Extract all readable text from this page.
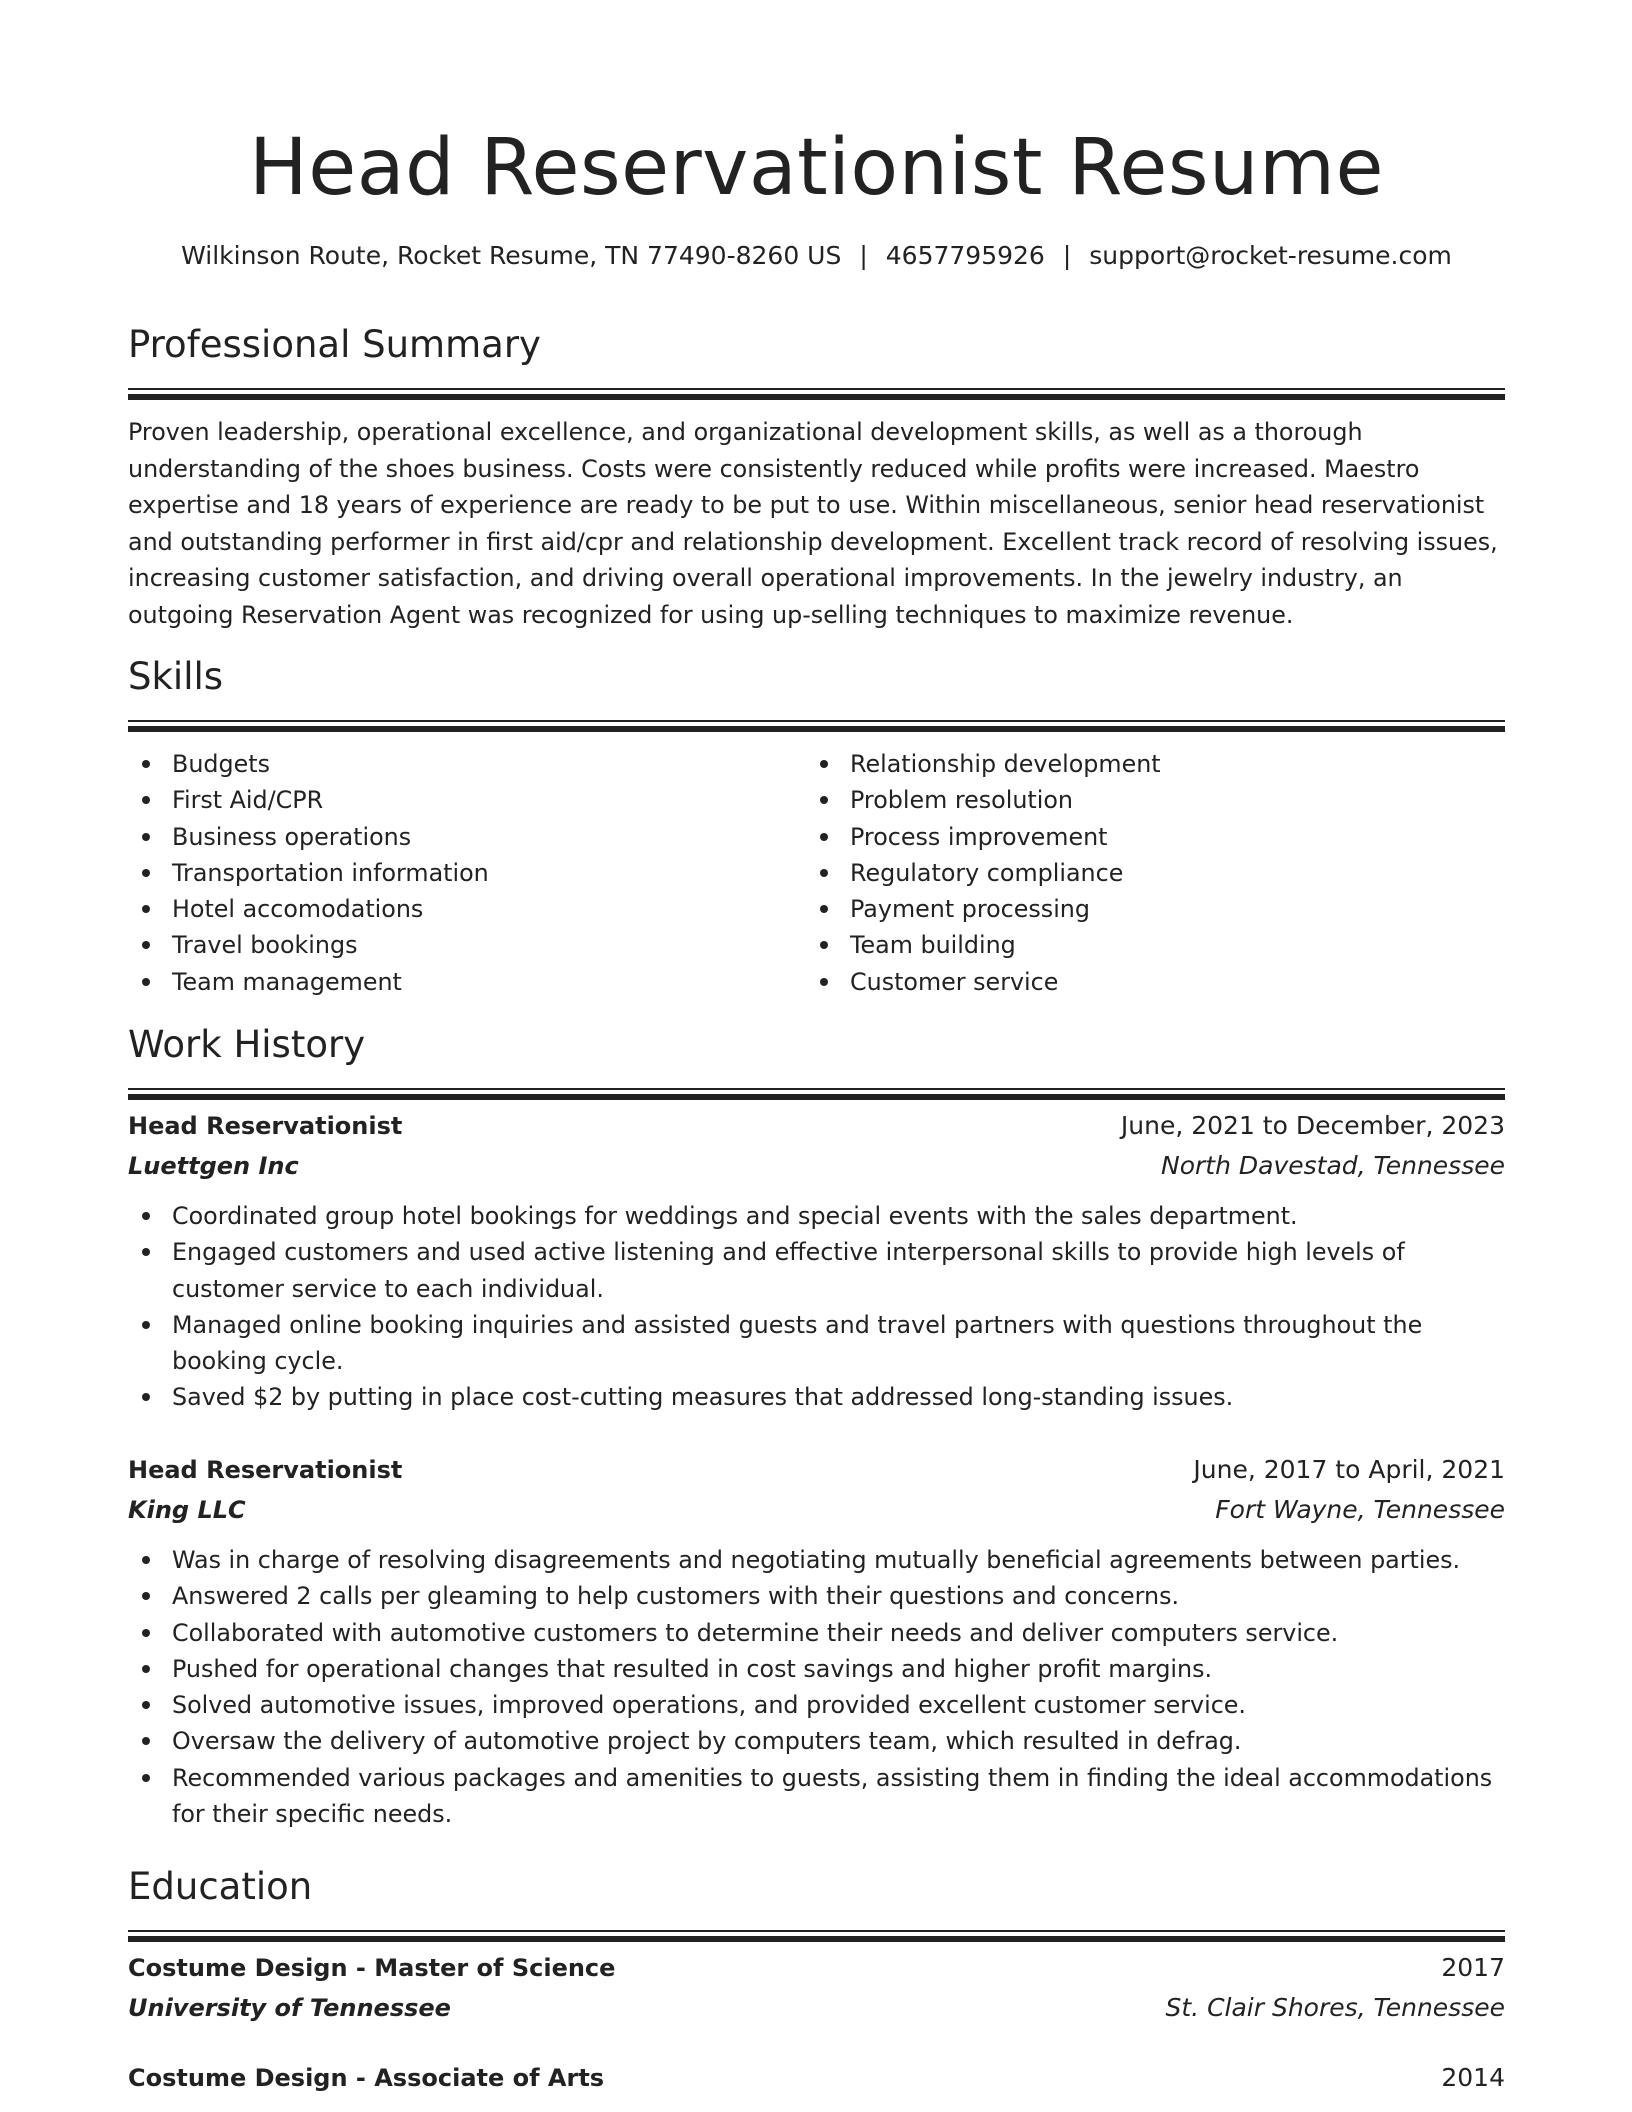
Head Reservationist Resume
Wilkinson Route, Rocket Resume, TN 77490-8260 US | 4657795926 | support@rocket-resume.com
Professional Summary

Proven leadership, operational excellence, and organizational development skills, as well as a thorough understanding of the shoes business. Costs were consistently reduced while profits were increased. Maestro expertise and 18 years of experience are ready to be put to use. Within miscellaneous, senior head reservationist and outstanding performer in first aid/cpr and relationship development. Excellent track record of resolving issues, increasing customer satisfaction, and driving overall operational improvements. In the jewelry industry, an outgoing Reservation Agent was recognized for using up-selling techniques to maximize revenue.

Skills
Budgets
First Aid/CPR
Business operations
Transportation information
Hotel accomodations
Travel bookings
Team management
Relationship development
Problem resolution
Process improvement
Regulatory compliance
Payment processing
Team building
Customer service
Work History
Head Reservationist	June, 2021 to December, 2023
Luettgen Inc	North Davestad, Tennessee
Coordinated group hotel bookings for weddings and special events with the sales department.
Engaged customers and used active listening and effective interpersonal skills to provide high levels of customer service to each individual.
Managed online booking inquiries and assisted guests and travel partners with questions throughout the booking cycle.
Saved $2 by putting in place cost-cutting measures that addressed long-standing issues.
Head Reservationist	June, 2017 to April, 2021
King LLC	Fort Wayne, Tennessee
Was in charge of resolving disagreements and negotiating mutually beneficial agreements between parties.
Answered 2 calls per gleaming to help customers with their questions and concerns.
Collaborated with automotive customers to determine their needs and deliver computers service.
Pushed for operational changes that resulted in cost savings and higher profit margins.
Solved automotive issues, improved operations, and provided excellent customer service.
Oversaw the delivery of automotive project by computers team, which resulted in defrag.
Recommended various packages and amenities to guests, assisting them in finding the ideal accommodations for their specific needs.
Education
Costume Design - Master of Science	2017
University of Tennessee	St. Clair Shores, Tennessee
Costume Design - Associate of Arts	2014
